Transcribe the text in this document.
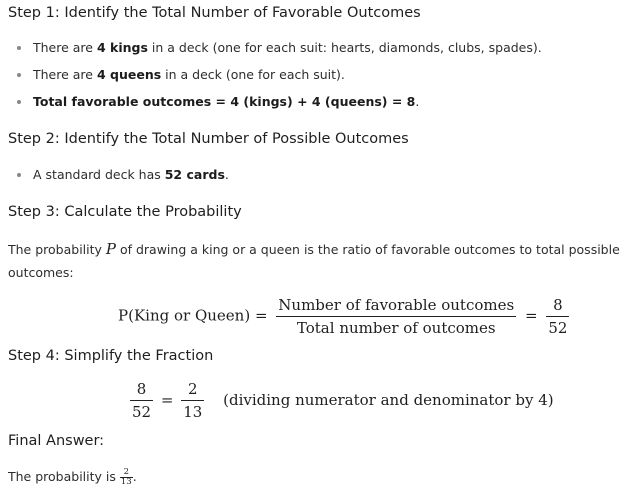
Step 1: Identify the Total Number of Favorable Outcomes
There are 4 kings in a deck (one for each suit: hearts, diamonds, clubs, spades).
There are 4 queens in a deck (one for each suit).
Total favorable outcomes = 4 (kings) + 4 (queens) = 8.
Step 2: Identify the Total Number of Possible Outcomes
A standard deck has 52 cards.
Step 3: Calculate the Probability
The probability P of drawing a king or a queen is the ratio of favorable outcomes to total possible
outcomes:
P(King or Queen) = $\frac{\text{Number of favorable outcomes}}{\text{Total number of outcomes}} = \frac{8}{52}$
Step 4: Simplify the Fraction
$\frac{8}{52} = \frac{2}{13}$ (dividing numerator and denominator by 4)
Final Answer:
The probability is $\frac{2}{13}$ .
